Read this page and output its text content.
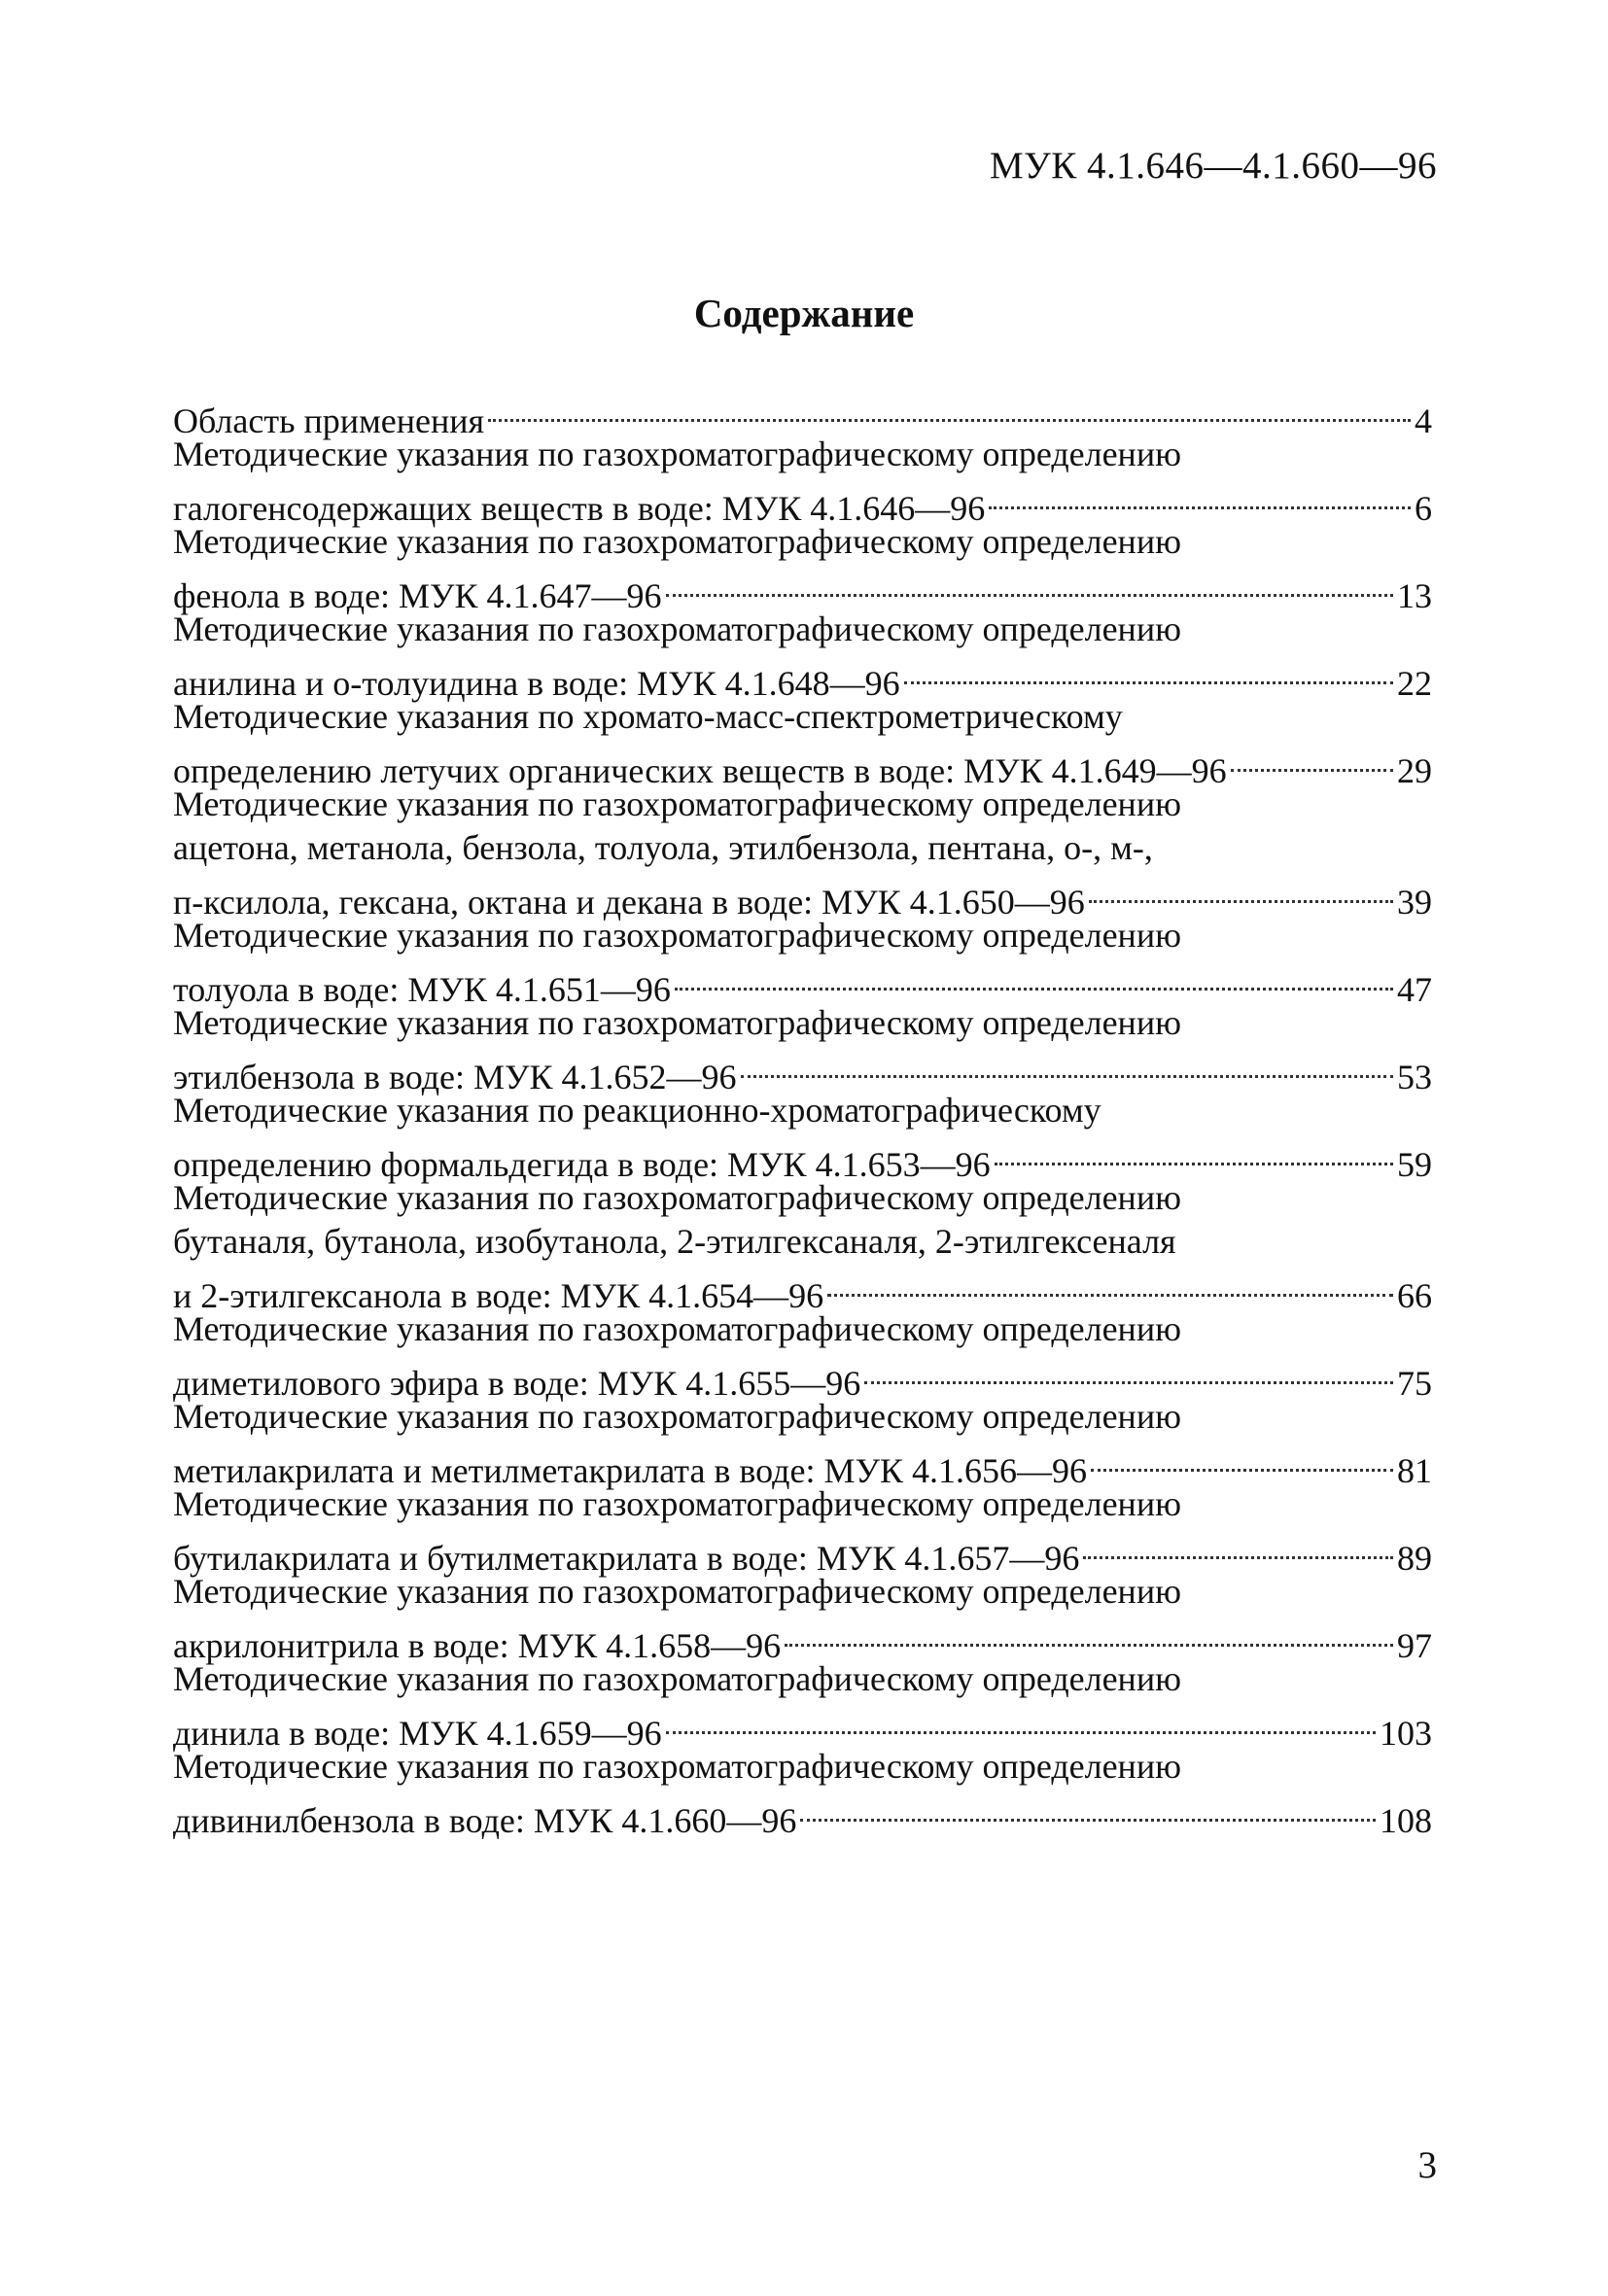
МУК 4.1.646—4.1.660—96
Содержание
Область применения	4
Методические указания по газохроматографическому определению
галогенсодержащих веществ в воде: МУК 4.1.646—96	6
Методические указания по газохроматографическому определению
фенола в воде: МУК 4.1.647—96	13
Методические указания по газохроматографическому определению
анилина и о-толуидина в воде: МУК 4.1.648—96	22
Методические указания по хромато-масс-спектрометрическому
определению летучих органических веществ в воде: МУК 4.1.649—96	29
Методические указания по газохроматографическому определению
ацетона, метанола, бензола, толуола, этилбензола, пентана, о-, м-,
п-ксилола, гексана, октана и декана в воде: МУК 4.1.650—96	39
Методические указания по газохроматографическому определению
толуола в воде: МУК 4.1.651—96	47
Методические указания по газохроматографическому определению
этилбензола в воде: МУК 4.1.652—96	53
Методические указания по реакционно-хроматографическому
определению формальдегида в воде: МУК 4.1.653—96	59
Методические указания по газохроматографическому определению
бутаналя, бутанола, изобутанола, 2-этилгексаналя, 2-этилгексеналя
и 2-этилгексанола в воде: МУК 4.1.654—96	66
Методические указания по газохроматографическому определению
диметилового эфира в воде: МУК 4.1.655—96	75
Методические указания по газохроматографическому определению
метилакрилата и метилметакрилата в воде: МУК 4.1.656—96	81
Методические указания по газохроматографическому определению
бутилакрилата и бутилметакрилата в воде: МУК 4.1.657—96	89
Методические указания по газохроматографическому определению
акрилонитрила в воде: МУК 4.1.658—96	97
Методические указания по газохроматографическому определению
динила в воде: МУК 4.1.659—96	103
Методические указания по газохроматографическому определению
дивинилбензола в воде: МУК 4.1.660—96	108
3
